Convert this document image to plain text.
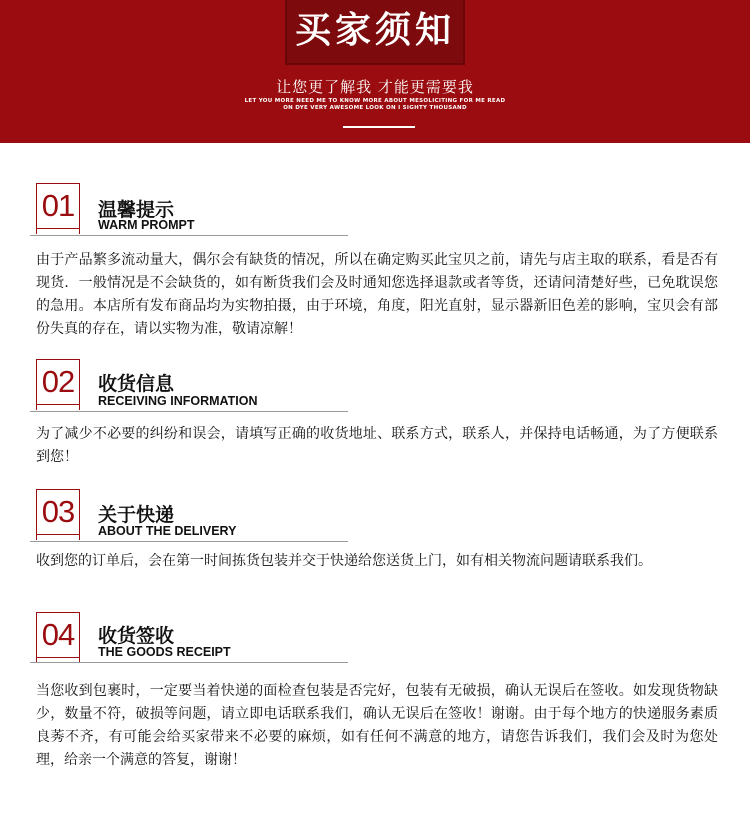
买家须知
让您更了解我 才能更需要我
LET YOU MORE NEED ME TO KNOW MORE ABOUT MESOLICITING FOR ME READ
ON DYE VERY AWESOME LOOK ON I SIGHTY THOUSAND
01	温馨提示
WARM PROMPT
由于产品繁多流动量大，偶尔会有缺货的情况，所以在确定购买此宝贝之前，请先与店主取的联系，看是否有现货．一般情况是不会缺货的，如有断货我们会及时通知您选择退款或者等货，还请问清楚好些，已免耽误您的急用。本店所有发布商品均为实物拍摄，由于环境，角度，阳光直射，显示器新旧色差的影响，宝贝会有部份失真的存在，请以实物为准，敬请凉解！
02	收货信息
RECEIVING INFORMATION
为了减少不必要的纠纷和误会，请填写正确的收货地址、联系方式，联系人，并保持电话畅通，为了方便联系到您！
03	关于快递
ABOUT THE DELIVERY
收到您的订单后，会在第一时间拣货包装并交于快递给您送货上门，如有相关物流问题请联系我们。
04	收货签收
THE GOODS RECEIPT
当您收到包裹时，一定要当着快递的面检查包装是否完好，包装有无破损，确认无误后在签收。如发现货物缺少，数量不符，破损等问题，请立即电话联系我们，确认无误后在签收！谢谢。由于每个地方的快递服务素质良莠不齐，有可能会给买家带来不必要的麻烦，如有任何不满意的地方，请您告诉我们，我们会及时为您处理，给亲一个满意的答复，谢谢！
